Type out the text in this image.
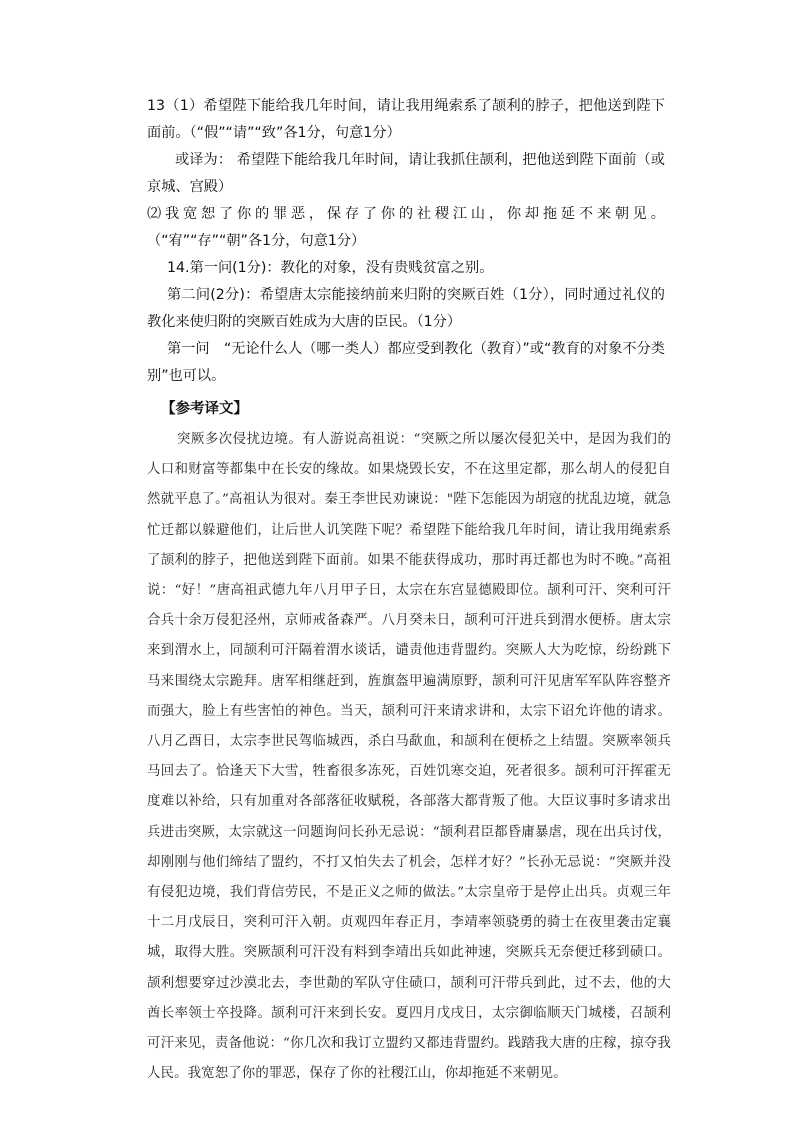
13（1）希望陛下能给我几年时间，请让我用绳索系了颉利的脖子，把他送到陛下面前。（“假”“请”“致”各1分，句意1分）

或译为： 希望陛下能给我几年时间，请让我抓住颉利，把他送到陛下面前（或京城、宫殿）

⑵我宽恕了你的罪恶，保存了你的社稷江山，你却拖延不来朝见。（“宥”“存”“朝”各1分，句意1分）

14.第一问(1分)：教化的对象，没有贵贱贫富之别。

第二问(2分)：希望唐太宗能接纳前来归附的突厥百姓（1分），同时通过礼仪的教化来使归附的突厥百姓成为大唐的臣民。（1分）

第一问　“无论什么人（哪一类人）都应受到教化（教育）”或“教育的对象不分类别”也可以。

【参考译文】

突厥多次侵扰边境。有人游说高祖说：“突厥之所以屡次侵犯关中，是因为我们的人口和财富等都集中在长安的缘故。如果烧毁长安，不在这里定都，那么胡人的侵犯自然就平息了。”高祖认为很对。秦王李世民劝谏说："陛下怎能因为胡寇的扰乱边境，就急忙迁都以躲避他们，让后世人讥笑陛下呢？希望陛下能给我几年时间，请让我用绳索系了颉利的脖子，把他送到陛下面前。如果不能获得成功，那时再迁都也为时不晚。”高祖说：“好！”唐高祖武德九年八月甲子日，太宗在东宫显德殿即位。颉利可汗、突利可汗合兵十余万侵犯泾州，京师戒备森严。八月癸未日，颉利可汗进兵到渭水便桥。唐太宗来到渭水上，同颉利可汗隔着渭水谈话，谴责他违背盟约。突厥人大为吃惊，纷纷跳下马来围绕太宗跪拜。唐军相继赶到，旌旗盔甲遍满原野，颉利可汗见唐军军队阵容整齐而强大，脸上有些害怕的神色。当天，颉利可汗来请求讲和，太宗下诏允许他的请求。八月乙酉日，太宗李世民驾临城西，杀白马歃血，和颉利在便桥之上结盟。突厥率领兵马回去了。恰逢天下大雪，牲畜很多冻死，百姓饥寒交迫，死者很多。颉利可汗挥霍无度难以补给，只有加重对各部落征收赋税，各部落大都背叛了他。大臣议事时多请求出兵进击突厥，太宗就这一问题询问长孙无忌说：“颉利君臣都昏庸暴虐，现在出兵讨伐，却刚刚与他们缔结了盟约，不打又怕失去了机会，怎样才好？”长孙无忌说：“突厥并没有侵犯边境，我们背信劳民，不是正义之师的做法。”太宗皇帝于是停止出兵。贞观三年十二月戊辰日，突利可汗入朝。贞观四年春正月，李靖率领骁勇的骑士在夜里袭击定襄城，取得大胜。突厥颉利可汗没有料到李靖出兵如此神速，突厥兵无奈便迁移到碛口。颉利想要穿过沙漠北去，李世勣的军队守住碛口，颉利可汗带兵到此，过不去，他的大酋长率领士卒投降。颉利可汗来到长安。夏四月戊戌日，太宗御临顺天门城楼，召颉利可汗来见，责备他说：“你几次和我订立盟约又都违背盟约。践踏我大唐的庄稼，掠夺我人民。我宽恕了你的罪恶，保存了你的社稷江山，你却拖延不来朝见。
